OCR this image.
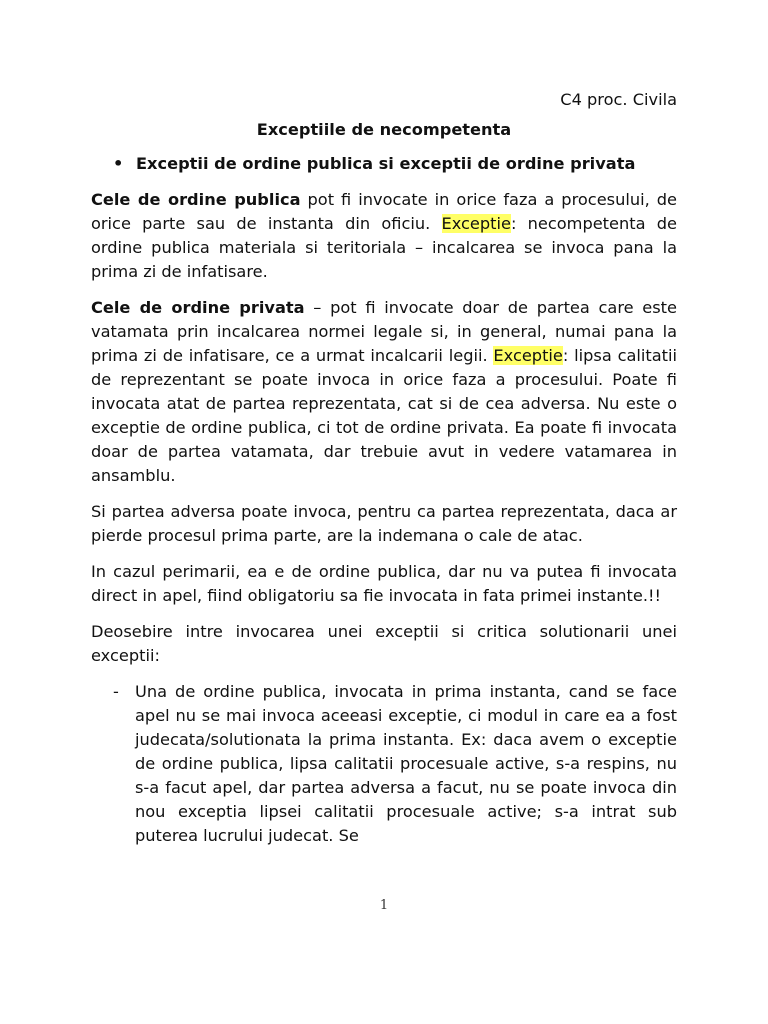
C4 proc. Civila
Exceptiile de necompetenta
• Exceptii de ordine publica si exceptii de ordine privata

Cele de ordine publica pot fi invocate in orice faza a procesului, de orice parte sau de instanta din oficiu. Exceptie: necompetenta de ordine publica materiala si teritoriala – incalcarea se invoca pana la prima zi de infatisare.

Cele de ordine privata – pot fi invocate doar de partea care este vatamata prin incalcarea normei legale si, in general, numai pana la prima zi de infatisare, ce a urmat incalcarii legii. Exceptie: lipsa calitatii de reprezentant se poate invoca in orice faza a procesului. Poate fi invocata atat de partea reprezentata, cat si de cea adversa. Nu este o exceptie de ordine publica, ci tot de ordine privata. Ea poate fi invocata doar de partea vatamata, dar trebuie avut in vedere vatamarea in ansamblu.

Si partea adversa poate invoca, pentru ca partea reprezentata, daca ar pierde procesul prima parte, are la indemana o cale de atac.

In cazul perimarii, ea e de ordine publica, dar nu va putea fi invocata direct in apel, fiind obligatoriu sa fie invocata in fata primei instante.!!

Deosebire intre invocarea unei exceptii si critica solutionarii unei exceptii:

- Una de ordine publica, invocata in prima instanta, cand se face apel nu se mai invoca aceeasi exceptie, ci modul in care ea a fost judecata/solutionata la prima instanta. Ex: daca avem o exceptie de ordine publica, lipsa calitatii procesuale active, s-a respins, nu s-a facut apel, dar partea adversa a facut, nu se poate invoca din nou exceptia lipsei calitatii procesuale active; s-a intrat sub puterea lucrului judecat. Se
1
